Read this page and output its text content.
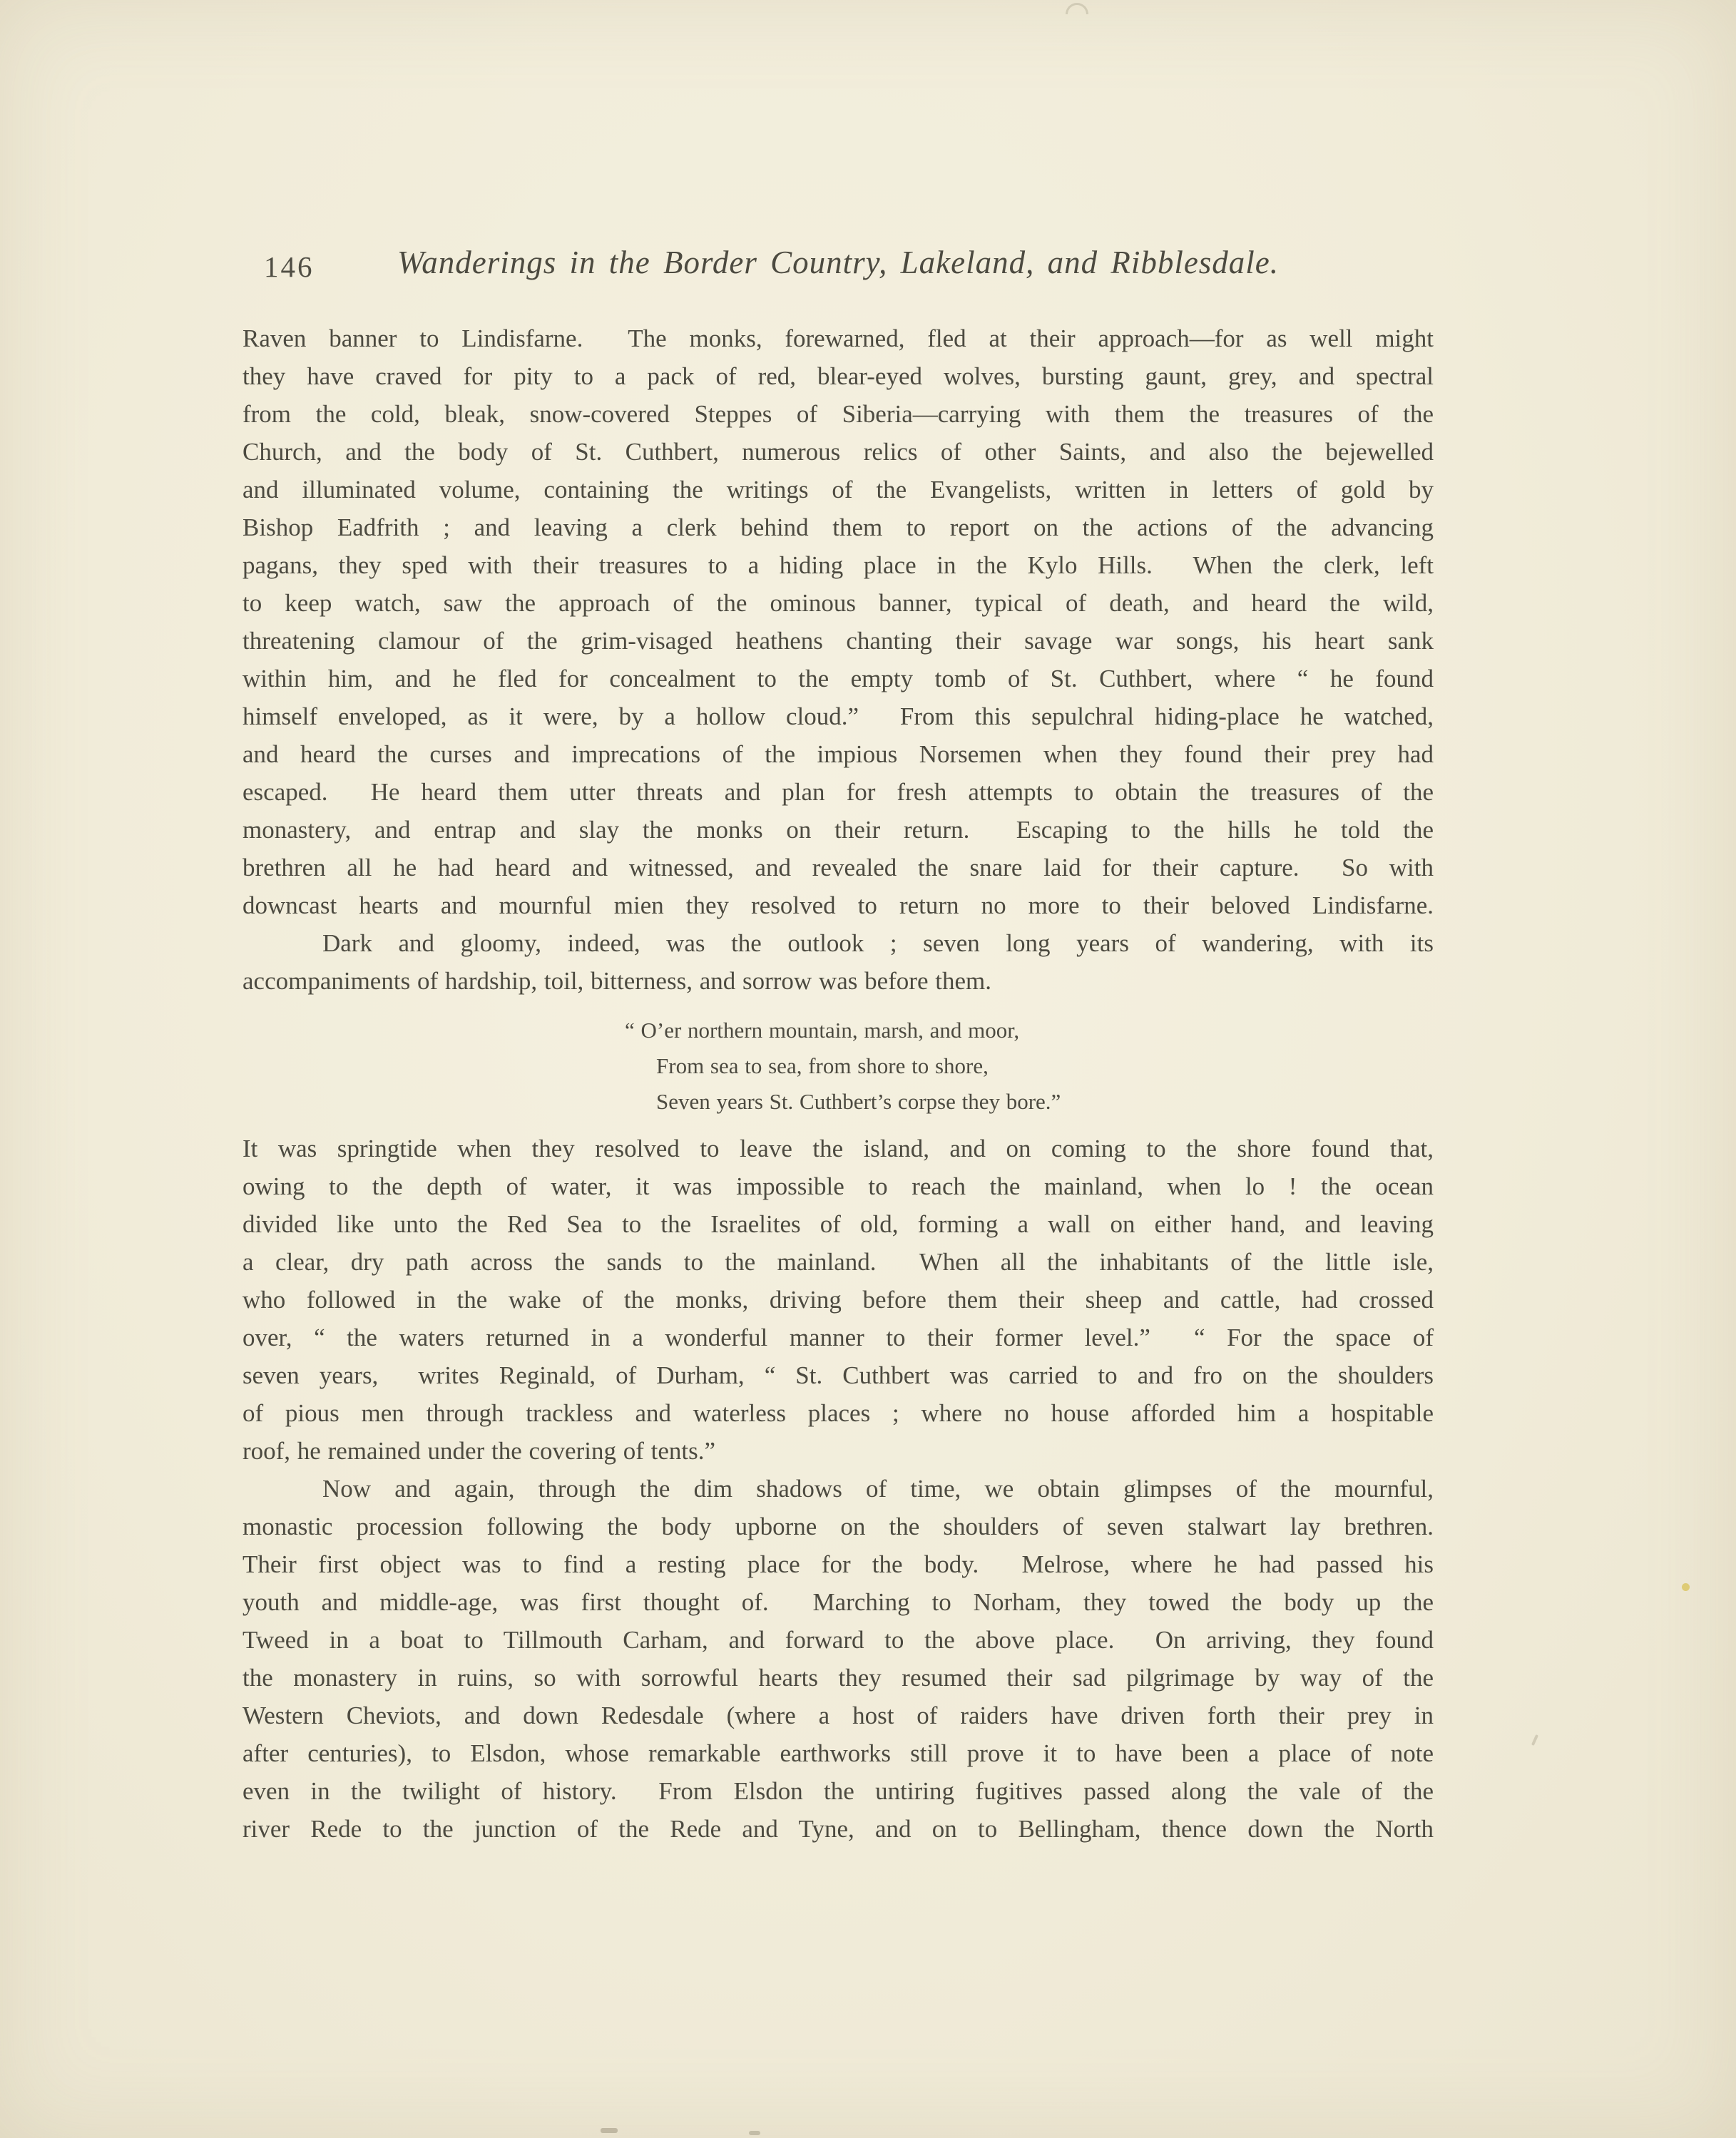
146	Wanderings in the Border Country, Lakeland, and Ribblesdale.
Raven banner to Lindisfarne.  The monks, forewarned, fled at their approach—for as well might
they have craved for pity to a pack of red, blear-eyed wolves, bursting gaunt, grey, and spectral
from the cold, bleak, snow-covered Steppes of Siberia—carrying with them the treasures of the
Church, and the body of St. Cuthbert, numerous relics of other Saints, and also the bejewelled
and illuminated volume, containing the writings of the Evangelists, written in letters of gold by
Bishop Eadfrith ; and leaving a clerk behind them to report on the actions of the advancing
pagans, they sped with their treasures to a hiding place in the Kylo Hills.  When the clerk, left
to keep watch, saw the approach of the ominous banner, typical of death, and heard the wild,
threatening clamour of the grim-visaged heathens chanting their savage war songs, his heart sank
within him, and he fled for concealment to the empty tomb of St. Cuthbert, where “ he found
himself enveloped, as it were, by a hollow cloud.”  From this sepulchral hiding-place he watched,
and heard the curses and imprecations of the impious Norsemen when they found their prey had
escaped.  He heard them utter threats and plan for fresh attempts to obtain the treasures of the
monastery, and entrap and slay the monks on their return.  Escaping to the hills he told the
brethren all he had heard and witnessed, and revealed the snare laid for their capture.  So with
downcast hearts and mournful mien they resolved to return no more to their beloved Lindisfarne.
Dark and gloomy, indeed, was the outlook ; seven long years of wandering, with its
accompaniments of hardship, toil, bitterness, and sorrow was before them.
“ O’er northern mountain, marsh, and moor,
From sea to sea, from shore to shore,
Seven years St. Cuthbert’s corpse they bore.”
It was springtide when they resolved to leave the island, and on coming to the shore found that,
owing to the depth of water, it was impossible to reach the mainland, when lo ! the ocean
divided like unto the Red Sea to the Israelites of old, forming a wall on either hand, and leaving
a clear, dry path across the sands to the mainland.  When all the inhabitants of the little isle,
who followed in the wake of the monks, driving before them their sheep and cattle, had crossed
over, “ the waters returned in a wonderful manner to their former level.”  “ For the space of
seven years,  writes Reginald, of Durham, “ St. Cuthbert was carried to and fro on the shoulders
of pious men through trackless and waterless places ; where no house afforded him a hospitable
roof, he remained under the covering of tents.”
Now and again, through the dim shadows of time, we obtain glimpses of the mournful,
monastic procession following the body upborne on the shoulders of seven stalwart lay brethren.
Their first object was to find a resting place for the body.  Melrose, where he had passed his
youth and middle-age, was first thought of.  Marching to Norham, they towed the body up the
Tweed in a boat to Tillmouth Carham, and forward to the above place.  On arriving, they found
the monastery in ruins, so with sorrowful hearts they resumed their sad pilgrimage by way of the
Western Cheviots, and down Redesdale (where a host of raiders have driven forth their prey in
after centuries), to Elsdon, whose remarkable earthworks still prove it to have been a place of note
even in the twilight of history.  From Elsdon the untiring fugitives passed along the vale of the
river Rede to the junction of the Rede and Tyne, and on to Bellingham, thence down the North
